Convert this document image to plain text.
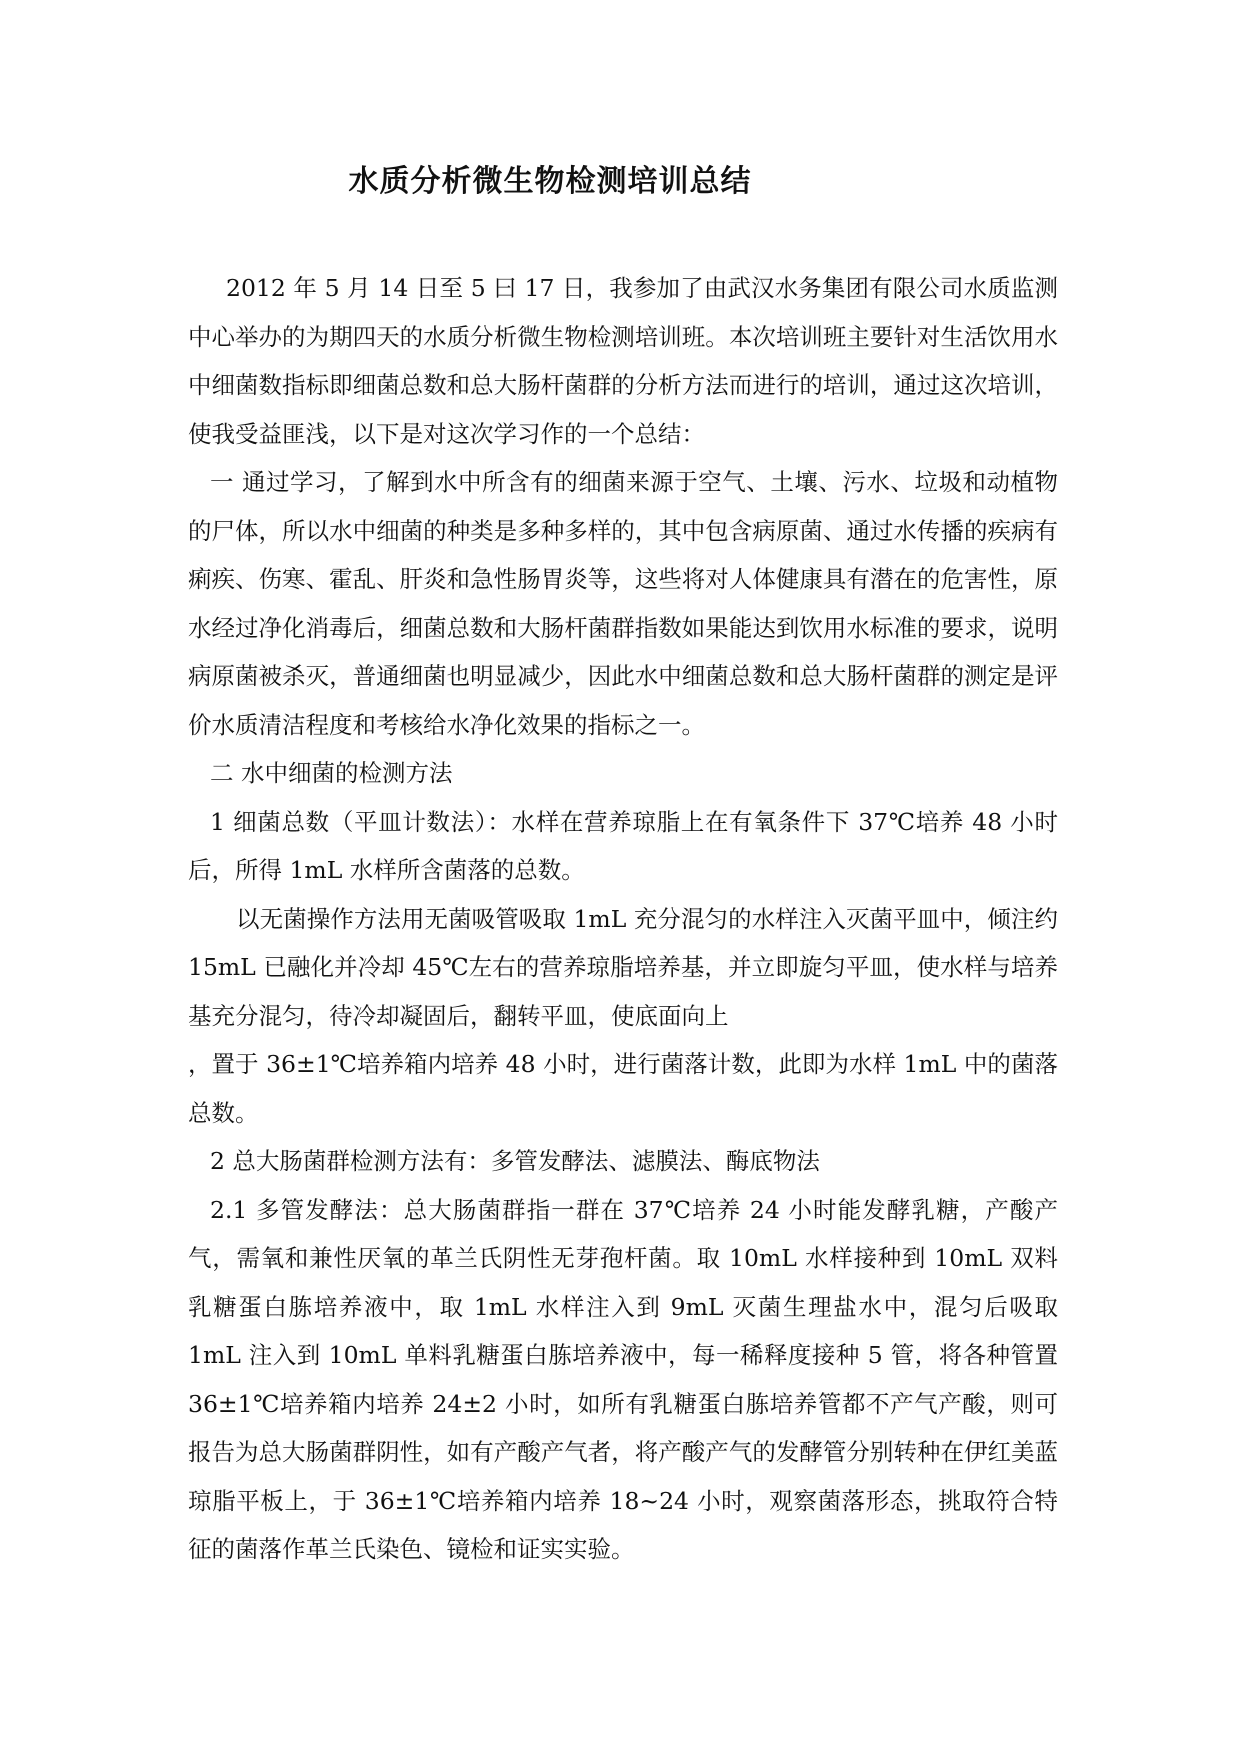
水质分析微生物检测培训总结

2012 年 5 月 14 日至 5 曰 17 日，我参加了由武汉水务集团有限公司水质监测中心举办的为期四天的水质分析微生物检测培训班。本次培训班主要针对生活饮用水中细菌数指标即细菌总数和总大肠杆菌群的分析方法而进行的培训，通过这次培训，使我受益匪浅，以下是对这次学习作的一个总结：

一 通过学习，了解到水中所含有的细菌来源于空气、土壤、污水、垃圾和动植物的尸体，所以水中细菌的种类是多种多样的，其中包含病原菌、通过水传播的疾病有痢疾、伤寒、霍乱、肝炎和急性肠胃炎等，这些将对人体健康具有潜在的危害性，原水经过净化消毒后，细菌总数和大肠杆菌群指数如果能达到饮用水标准的要求，说明病原菌被杀灭，普通细菌也明显减少，因此水中细菌总数和总大肠杆菌群的测定是评价水质清洁程度和考核给水净化效果的指标之一。

二 水中细菌的检测方法

1 细菌总数（平皿计数法）：水样在营养琼脂上在有氧条件下 37℃培养 48 小时后，所得 1mL 水样所含菌落的总数。

以无菌操作方法用无菌吸管吸取 1mL 充分混匀的水样注入灭菌平皿中，倾注约 15mL 已融化并冷却 45℃左右的营养琼脂培养基，并立即旋匀平皿，使水样与培养基充分混匀，待冷却凝固后，翻转平皿，使底面向上

，置于 36±1℃培养箱内培养 48 小时，进行菌落计数，此即为水样 1mL 中的菌落总数。

2 总大肠菌群检测方法有：多管发酵法、滤膜法、酶底物法

2.1 多管发酵法：总大肠菌群指一群在 37℃培养 24 小时能发酵乳糖，产酸产气，需氧和兼性厌氧的革兰氏阴性无芽孢杆菌。取 10mL 水样接种到 10mL 双料乳糖蛋白胨培养液中，取 1mL 水样注入到 9mL 灭菌生理盐水中，混匀后吸取 1mL 注入到 10mL 单料乳糖蛋白胨培养液中，每一稀释度接种 5 管，将各种管置 36±1℃培养箱内培养 24±2 小时，如所有乳糖蛋白胨培养管都不产气产酸，则可报告为总大肠菌群阴性，如有产酸产气者，将产酸产气的发酵管分别转种在伊红美蓝琼脂平板上，于 36±1℃培养箱内培养 18~24 小时，观察菌落形态，挑取符合特征的菌落作革兰氏染色、镜检和证实实验。
